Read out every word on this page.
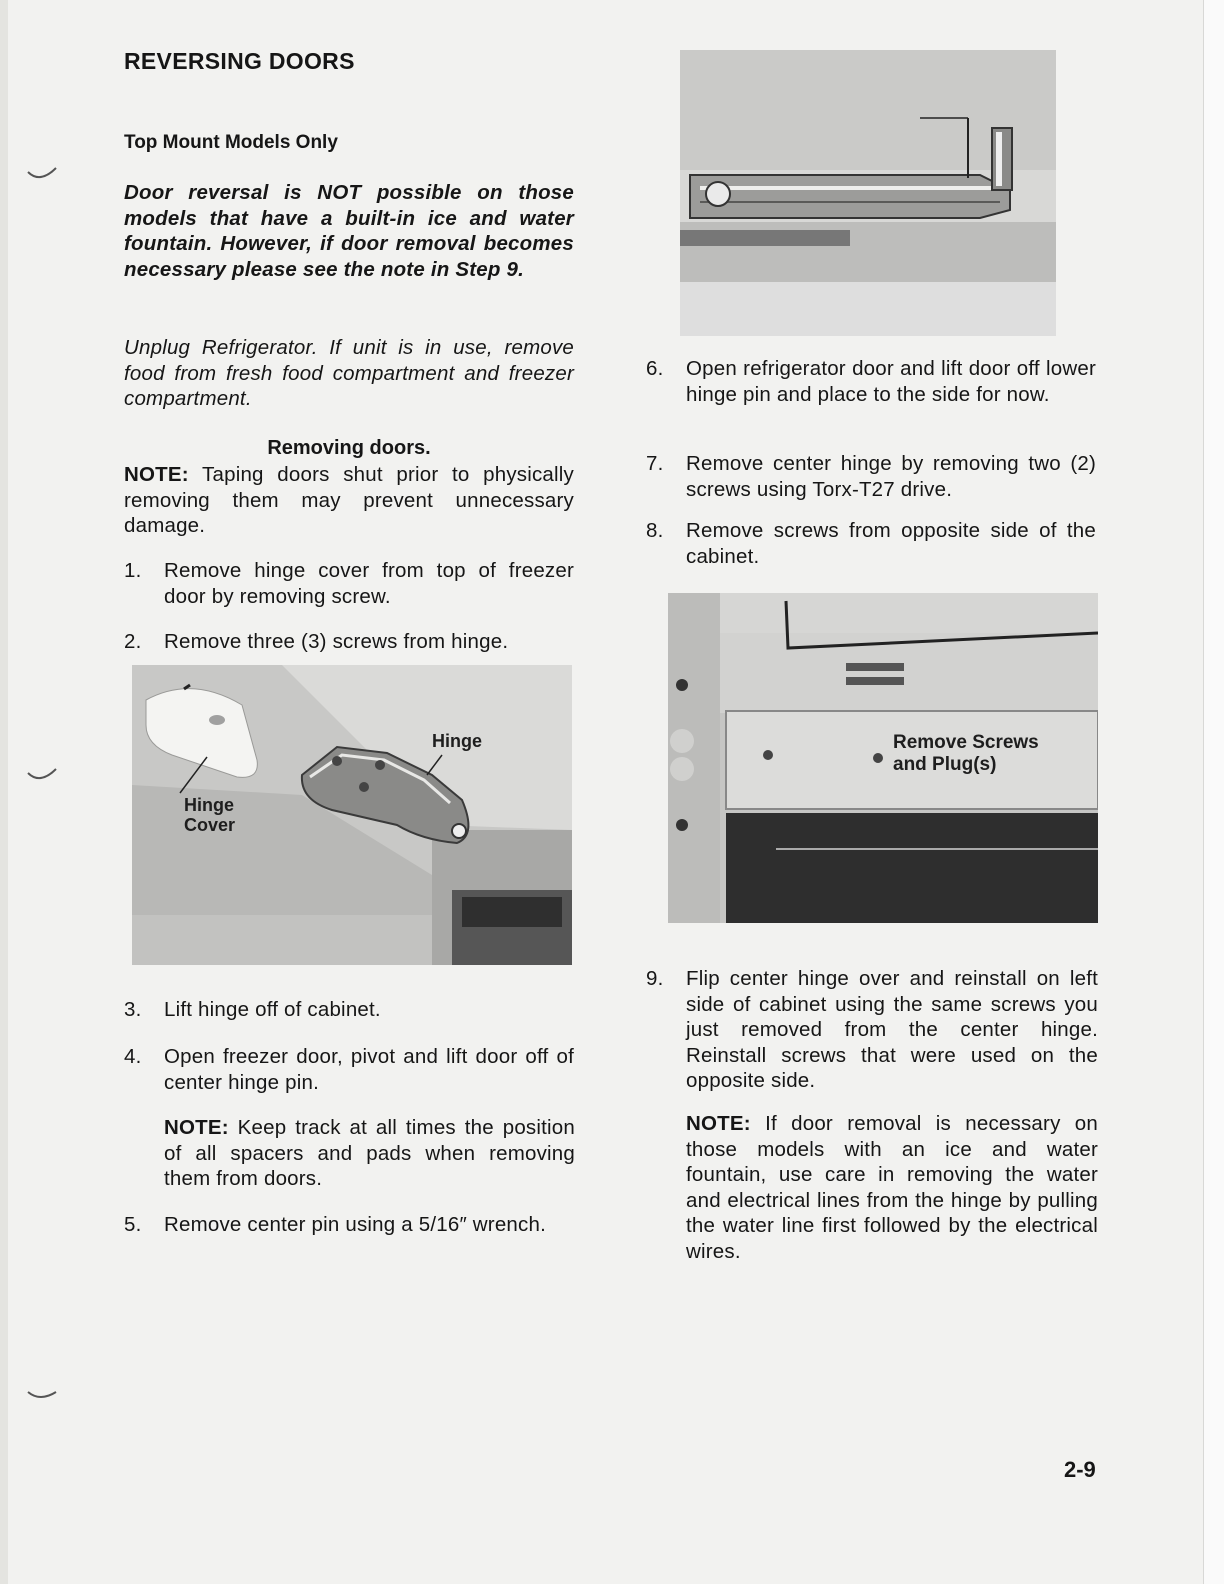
REVERSING DOORS
Top Mount Models Only

Door reversal is NOT possible on those models that have a built-in ice and water fountain. However, if door removal becomes necessary please see the note in Step 9.

Unplug Refrigerator. If unit is in use, remove food from fresh food compartment and freezer compartment.

Removing doors.

NOTE: Taping doors shut prior to physically removing them may prevent unnecessary damage.

1.	Remove hinge cover from top of freezer door by removing screw.
2.	Remove three (3) screws from hinge.
Hinge
Hinge
Cover
3.	Lift hinge off of cabinet.
4.	Open freezer door, pivot and lift door off of center hinge pin.

NOTE: Keep track at all times the position of all spacers and pads when removing them from doors.

5.	Remove center pin using a 5/16″ wrench.
6.	Open refrigerator door and lift door off lower hinge pin and place to the side for now.
7.	Remove center hinge by removing two (2) screws using Torx-T27 drive.
8.	Remove screws from opposite side of the cabinet.
Remove Screws
and Plug(s)
9.	Flip center hinge over and reinstall on left side of cabinet using the same screws you just removed from the center hinge. Reinstall screws that were used on the opposite side.

NOTE: If door removal is necessary on those models with an ice and water fountain, use care in removing the water and electrical lines from the hinge by pulling the water line first followed by the electrical wires.

2-9
